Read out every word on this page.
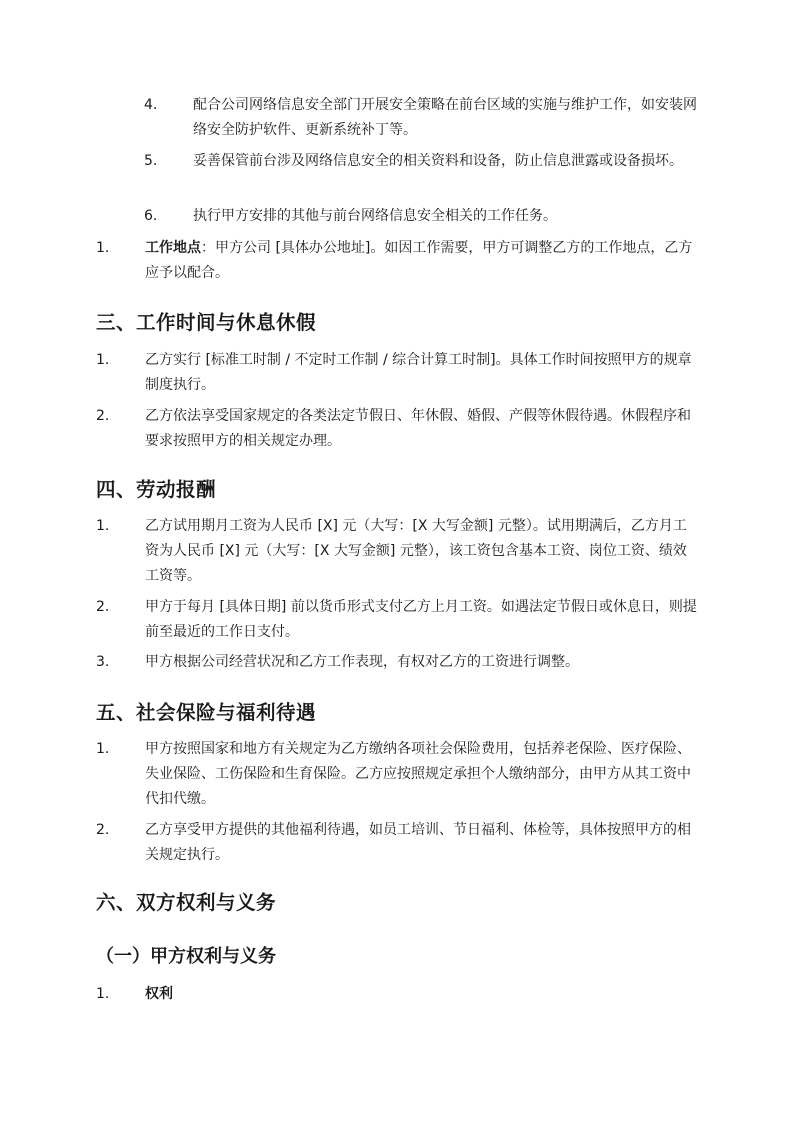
4.	配合公司网络信息安全部门开展安全策略在前台区域的实施与维护工作，如安装网络安全防护软件、更新系统补丁等。
5.	妥善保管前台涉及网络信息安全的相关资料和设备，防止信息泄露或设备损坏。
6.	执行甲方安排的其他与前台网络信息安全相关的工作任务。
1.	工作地点：甲方公司 [具体办公地址]。如因工作需要，甲方可调整乙方的工作地点，乙方应予以配合。
三、工作时间与休息休假
1.	乙方实行 [标准工时制 / 不定时工作制 / 综合计算工时制]。具体工作时间按照甲方的规章制度执行。
2.	乙方依法享受国家规定的各类法定节假日、年休假、婚假、产假等休假待遇。休假程序和要求按照甲方的相关规定办理。
四、劳动报酬
1.	乙方试用期月工资为人民币 [X] 元（大写：[X 大写金额] 元整）。试用期满后，乙方月工资为人民币 [X] 元（大写：[X 大写金额] 元整），该工资包含基本工资、岗位工资、绩效工资等。
2.	甲方于每月 [具体日期] 前以货币形式支付乙方上月工资。如遇法定节假日或休息日，则提前至最近的工作日支付。
3.	甲方根据公司经营状况和乙方工作表现，有权对乙方的工资进行调整。
五、社会保险与福利待遇
1.	甲方按照国家和地方有关规定为乙方缴纳各项社会保险费用，包括养老保险、医疗保险、失业保险、工伤保险和生育保险。乙方应按照规定承担个人缴纳部分，由甲方从其工资中代扣代缴。
2.	乙方享受甲方提供的其他福利待遇，如员工培训、节日福利、体检等，具体按照甲方的相关规定执行。
六、双方权利与义务
（一）甲方权利与义务
1.	权利
